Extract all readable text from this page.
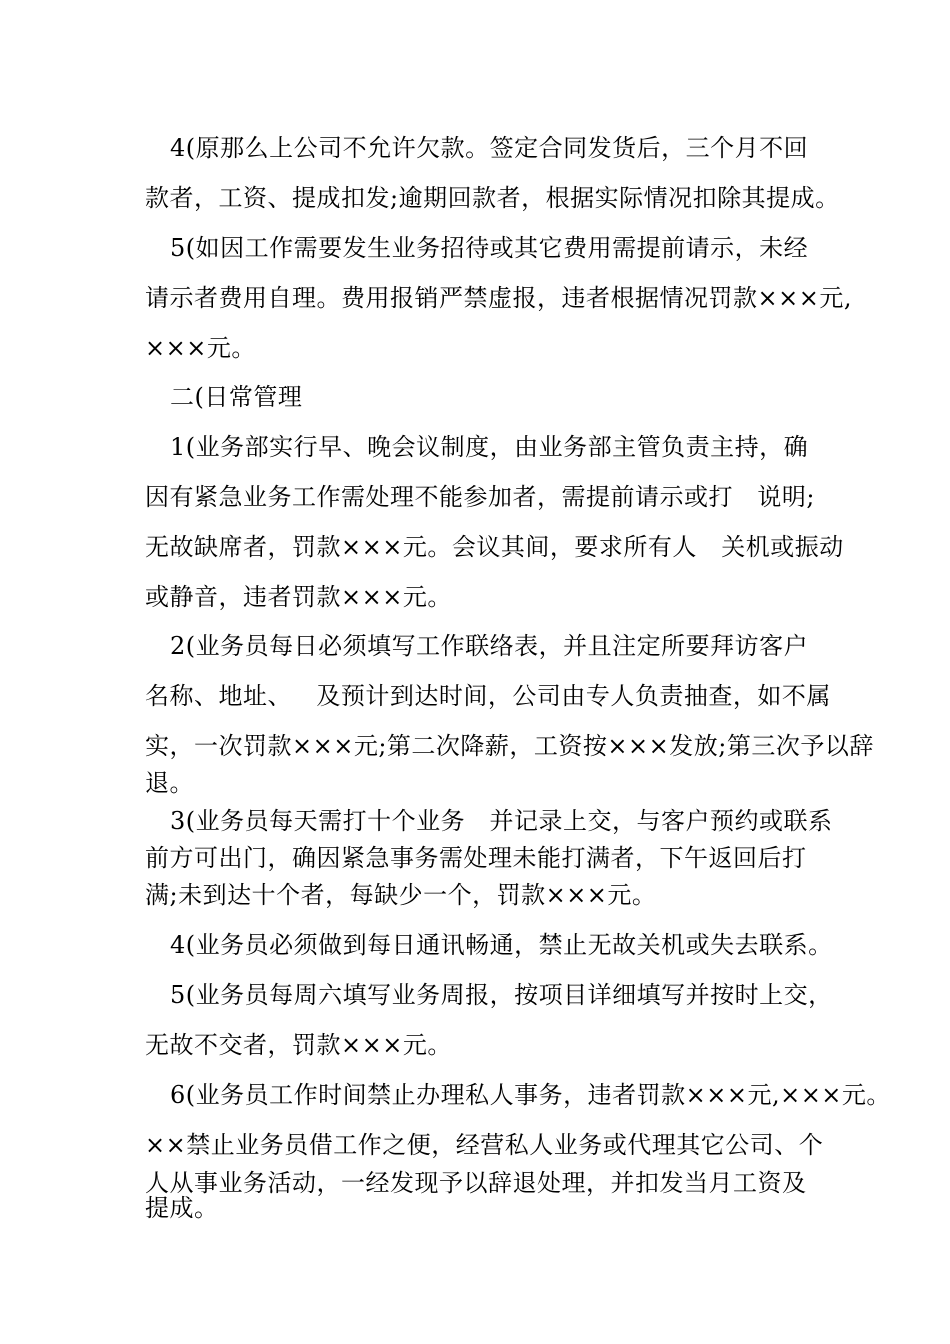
4(原那么上公司不允许欠款。签定合同发货后，三个月不回

款者，工资、提成扣发;逾期回款者，根据实际情况扣除其提成。

5(如因工作需要发生业务招待或其它费用需提前请示，未经

请示者费用自理。费用报销严禁虚报，违者根据情况罚款×××元,

×××元。

二(日常管理

1(业务部实行早、晚会议制度，由业务部主管负责主持，确

因有紧急业务工作需处理不能参加者，需提前请示或打   说明;

无故缺席者，罚款×××元。会议其间，要求所有人   关机或振动

或静音，违者罚款×××元。

2(业务员每日必须填写工作联络表，并且注定所要拜访客户

名称、地址、   及预计到达时间，公司由专人负责抽查，如不属

实，一次罚款×××元;第二次降薪，工资按×××发放;第三次予以辞

退。

3(业务员每天需打十个业务   并记录上交，与客户预约或联系

前方可出门，确因紧急事务需处理未能打满者，下午返回后打

满;未到达十个者，每缺少一个，罚款×××元。

4(业务员必须做到每日通讯畅通，禁止无故关机或失去联系。

5(业务员每周六填写业务周报，按项目详细填写并按时上交，

无故不交者，罚款×××元。

6(业务员工作时间禁止办理私人事务，违者罚款×××元,×××元。

××禁止业务员借工作之便，经营私人业务或代理其它公司、个

人从事业务活动，一经发现予以辞退处理，并扣发当月工资及

提成。
